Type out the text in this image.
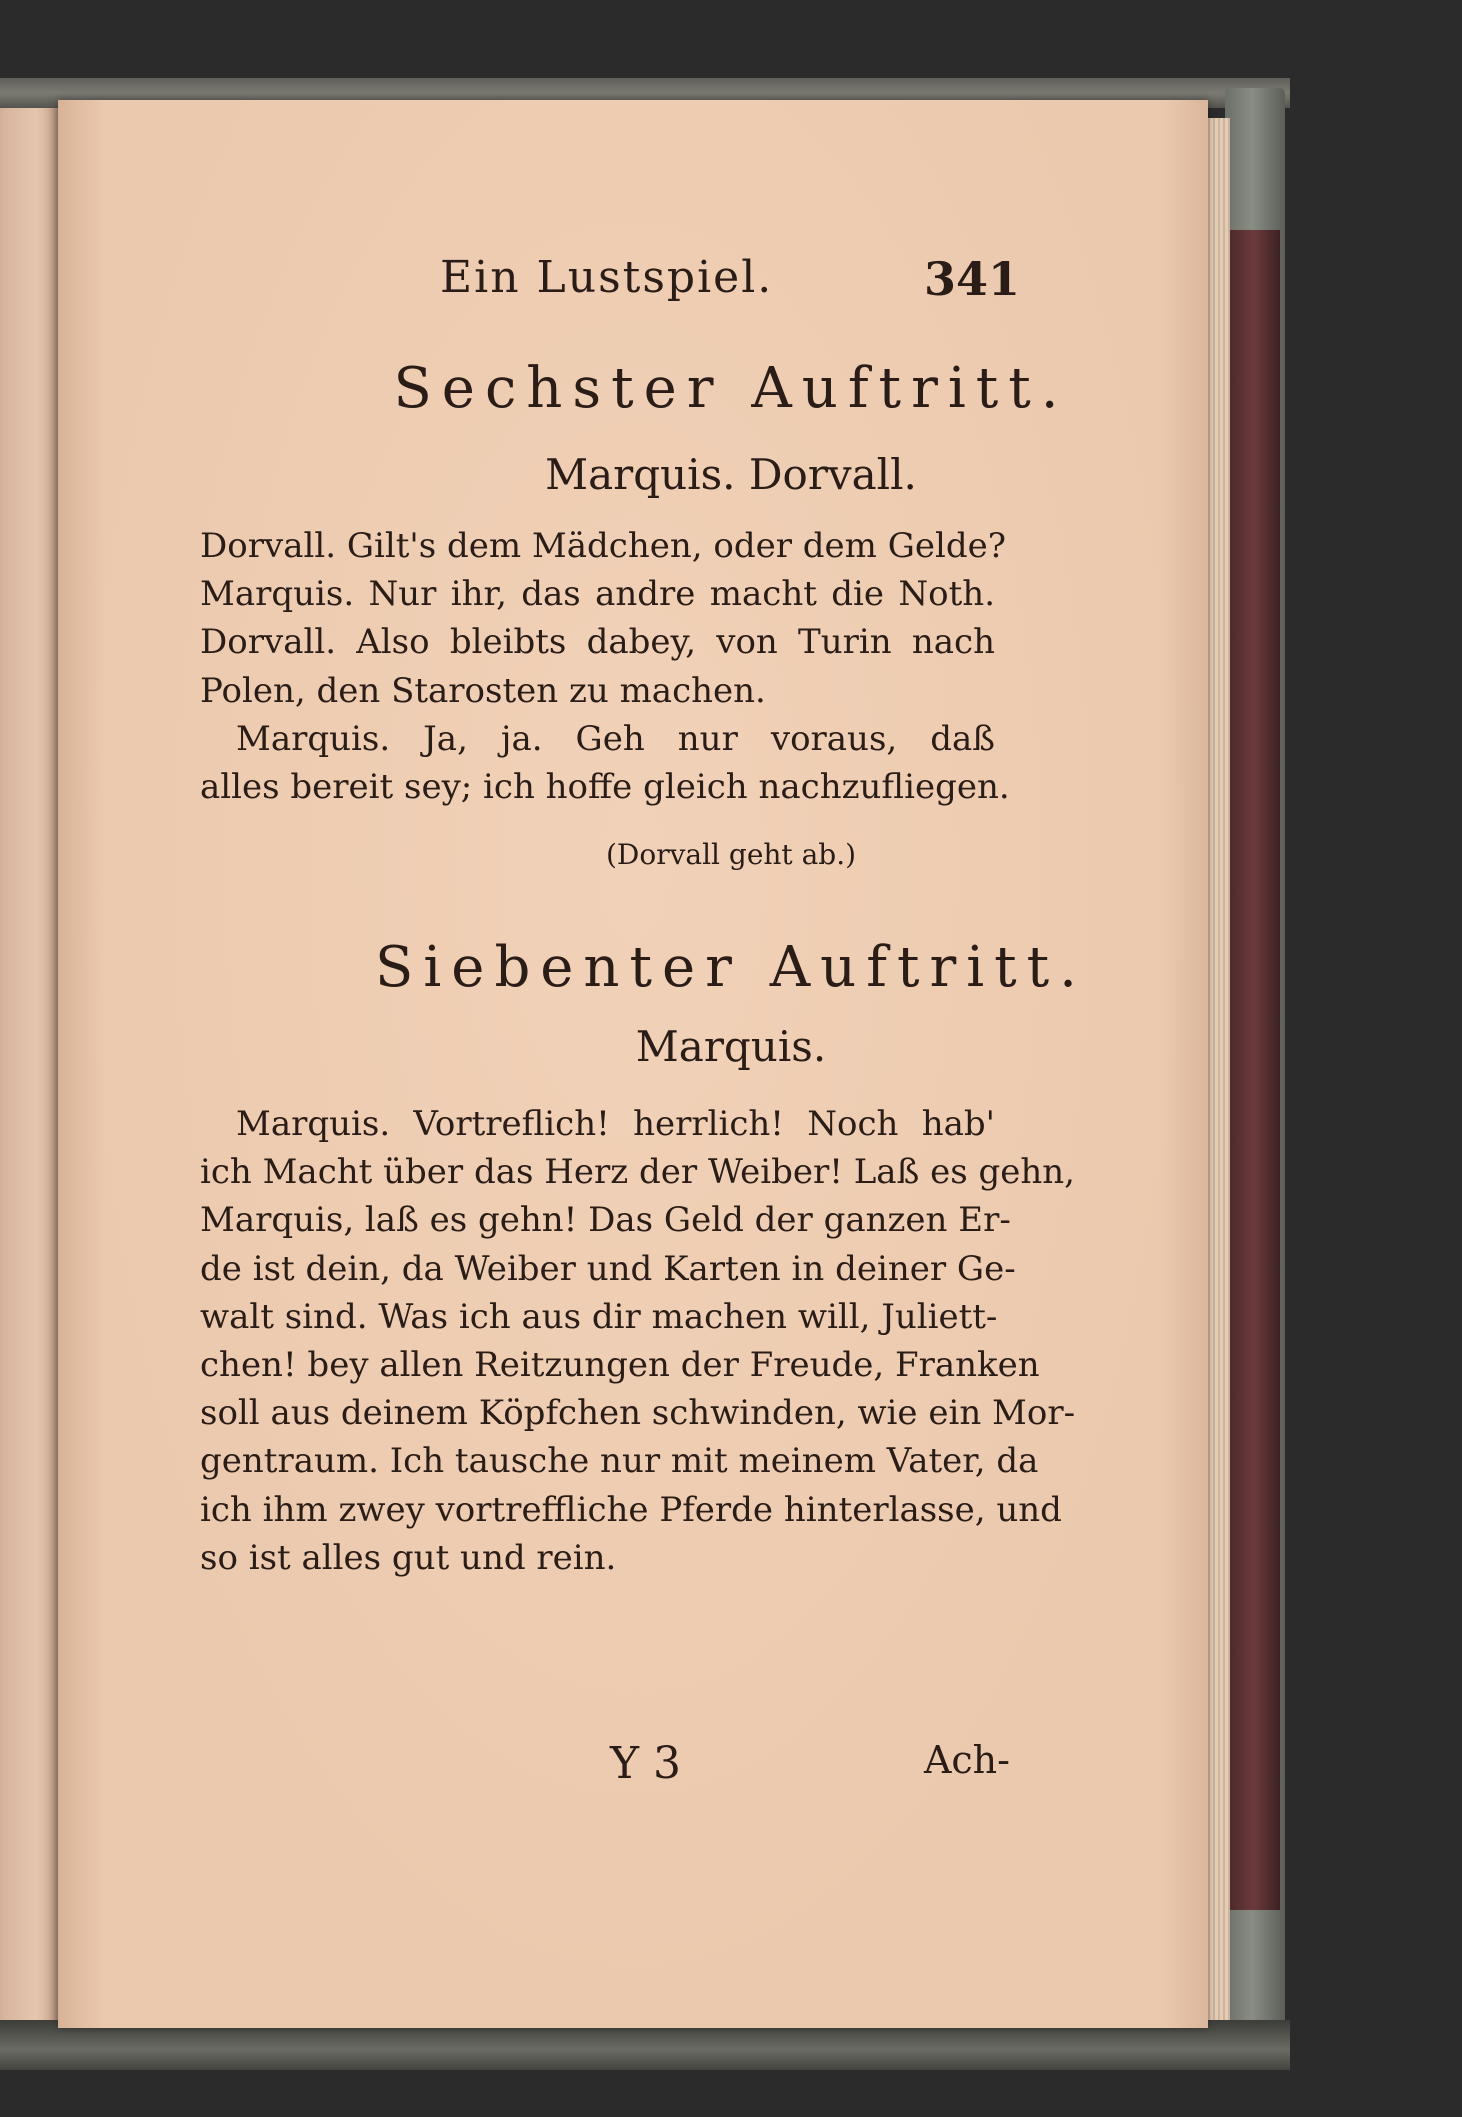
Ein Lustspiel.	341
Sechster Auftritt.
Marquis. Dorvall.
Dorvall. Gilt's dem Mädchen, oder dem Gelde?
Marquis. Nur ihr, das andre macht die Noth.
Dorvall. Also bleibts dabey, von Turin nach
Polen, den Starosten zu machen.
Marquis. Ja, ja. Geh nur voraus, daß
alles bereit sey; ich hoffe gleich nachzufliegen.
(Dorvall geht ab.)
Siebenter Auftritt.
Marquis.
Marquis. Vortreflich! herrlich! Noch hab'
ich Macht über das Herz der Weiber! Laß es gehn,
Marquis, laß es gehn! Das Geld der ganzen Er-
de ist dein, da Weiber und Karten in deiner Ge-
walt sind. Was ich aus dir machen will, Juliett-
chen! bey allen Reitzungen der Freude, Franken
soll aus deinem Köpfchen schwinden, wie ein Mor-
gentraum. Ich tausche nur mit meinem Vater, da
ich ihm zwey vortreffliche Pferde hinterlasse, und
so ist alles gut und rein.
Y 3	Ach-
